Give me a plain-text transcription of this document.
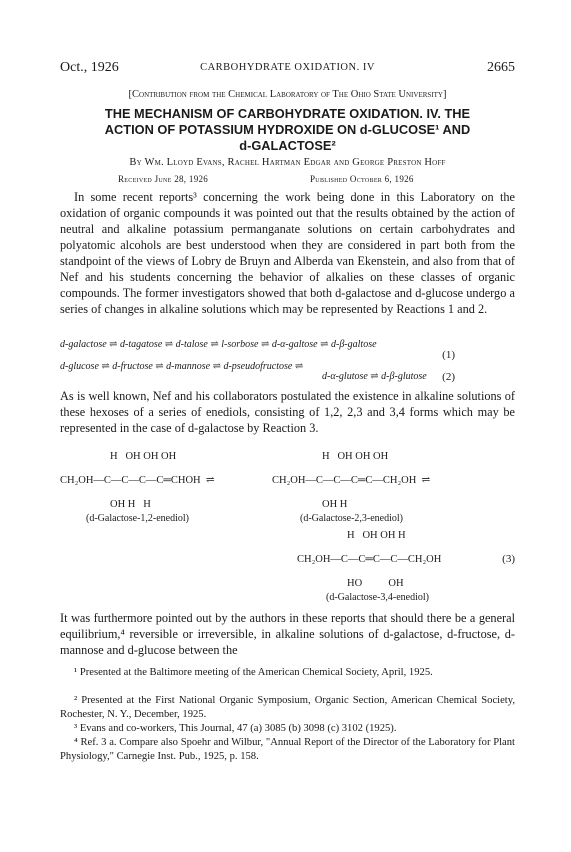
Oct., 1926	CARBOHYDRATE OXIDATION. IV	2665
[Contribution from the Chemical Laboratory of The Ohio State University]
THE MECHANISM OF CARBOHYDRATE OXIDATION. IV. THE
ACTION OF POTASSIUM HYDROXIDE ON d-GLUCOSE¹ AND
d-GALACTOSE²
By Wm. Lloyd Evans, Rachel Hartman Edgar and George Preston Hoff
Received June 28, 1926	Published October 6, 1926
In some recent reports³ concerning the work being done in this Laboratory on the oxidation of organic compounds it was pointed out that the results obtained by the action of neutral and alkaline potassium permanganate solutions on certain carbohydrates and polyatomic alcohols are best understood when they are considered in part both from the standpoint of the views of Lobry de Bruyn and Alberda van Ekenstein, and also from that of Nef and his students concerning the behavior of alkalies on these classes of organic compounds. The former investigators showed that both d-galactose and d-glucose undergo a series of changes in alkaline solutions which may be represented by Reactions 1 and 2.
d-galactose ⇌ d-tagatose ⇌ d-talose ⇌ l-sorbose ⇌ d-α-galtose ⇌ d-β-galtose
(1)
d-glucose ⇌ d-fructose ⇌ d-mannose ⇌ d-pseudofructose ⇌
d-α-glutose ⇌ d-β-glutose (2)
As is well known, Nef and his collaborators postulated the existence in alkaline solutions of these hexoses of a series of enediols, consisting of 1,2, 2,3 and 3,4 forms which may be represented in the case of d-galactose by Reaction 3.
H   OH OH OH
CH₂OH—C—C—C—C═CHOH  ⇌
OH H   H
(d-Galactose-1,2-enediol)
H   OH OH OH
CH₂OH—C—C—C═C—CH₂OH  ⇌
OH H
(d-Galactose-2,3-enediol)
H   OH OH H
CH₂OH—C—C═C—C—CH₂OH	(3)
HO          OH
(d-Galactose-3,4-enediol)
It was furthermore pointed out by the authors in these reports that should there be a general equilibrium,⁴ reversible or irreversible, in alkaline solutions of d-galactose, d-fructose, d-mannose and d-glucose between the
¹ Presented at the Baltimore meeting of the American Chemical Society, April, 1925.
² Presented at the First National Organic Symposium, Organic Section, American Chemical Society, Rochester, N. Y., December, 1925.
³ Evans and co-workers, This Journal, 47 (a) 3085 (b) 3098 (c) 3102 (1925).
⁴ Ref. 3 a. Compare also Spoehr and Wilbur, "Annual Report of the Director of the Laboratory for Plant Physiology," Carnegie Inst. Pub., 1925, p. 158.
